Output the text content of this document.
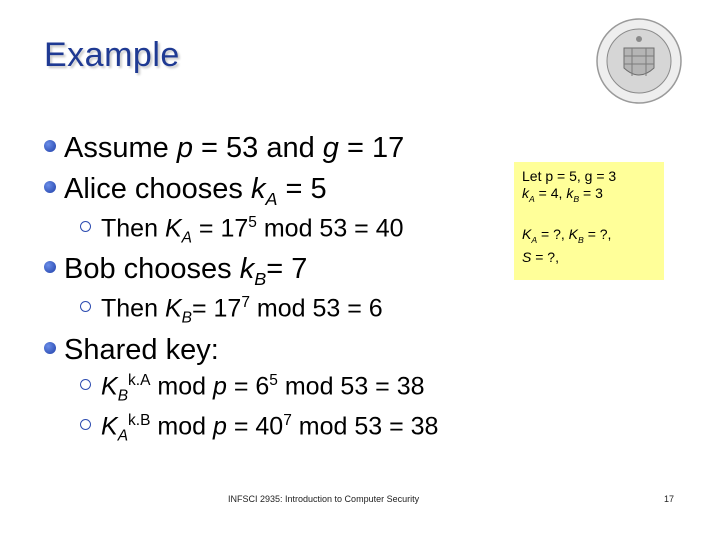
Example
Assume p = 53 and g = 17
Alice chooses $k_A = 5$
Then $K_A = 17^5$ mod 53 = 40
Bob chooses $k_B= 7$
Then $K_B= 17^7$ mod 53 = 6
Shared key:
$K_B^{k.A}$ mod $p = 6^5$ mod 53 = 38
$K_A^{k.B}$ mod $p = 40^7$ mod 53 = 38
Let p = 5, g = 3
$k_A = 4$, $k_B = 3$
$K_A$ = ?, $K_B$ = ?,
S = ?,
INFSCI 2935: Introduction to Computer Security	17
